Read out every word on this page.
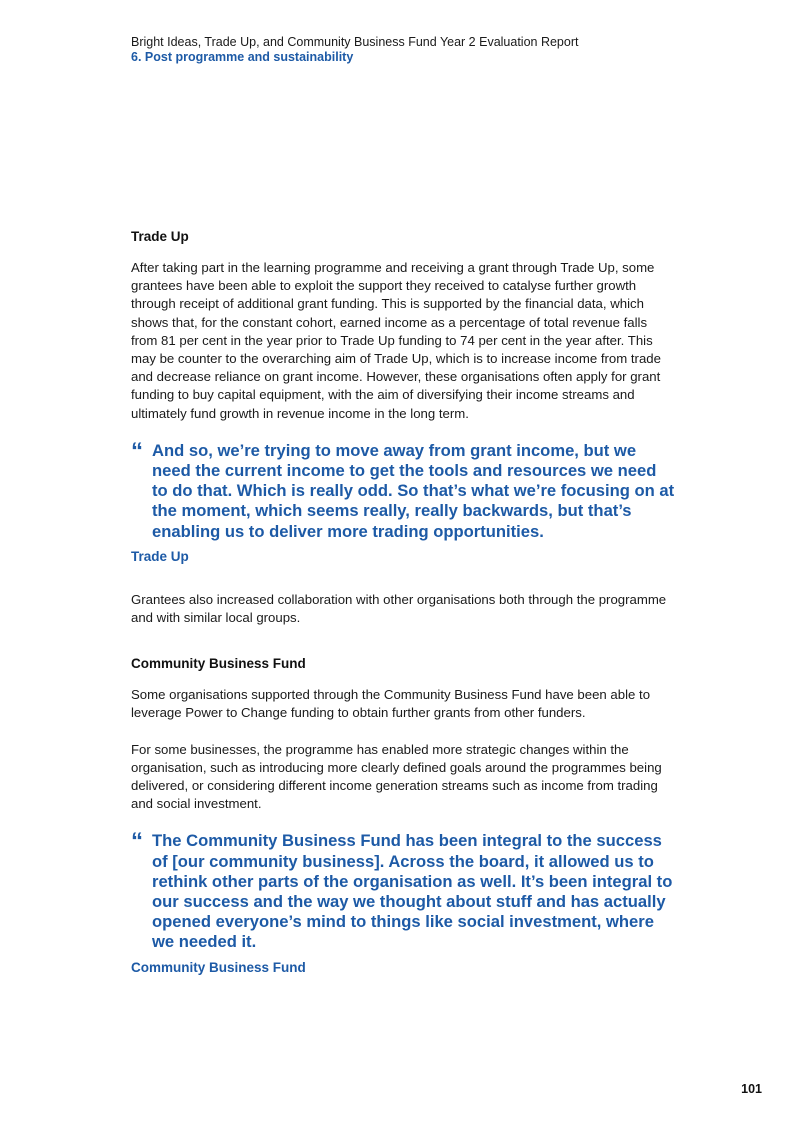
Bright Ideas, Trade Up, and Community Business Fund Year 2 Evaluation Report
6. Post programme and sustainability
Trade Up

After taking part in the learning programme and receiving a grant through Trade Up, some grantees have been able to exploit the support they received to catalyse further growth through receipt of additional grant funding. This is supported by the financial data, which shows that, for the constant cohort, earned income as a percentage of total revenue falls from 81 per cent in the year prior to Trade Up funding to 74 per cent in the year after. This may be counter to the overarching aim of Trade Up, which is to increase income from trade and decrease reliance on grant income. However, these organisations often apply for grant funding to buy capital equipment, with the aim of diversifying their income streams and ultimately fund growth in revenue income in the long term.

“ And so, we’re trying to move away from grant income, but we need the current income to get the tools and resources we need to do that. Which is really odd. So that’s what we’re focusing on at the moment, which seems really, really backwards, but that’s enabling us to deliver more trading opportunities.

Trade Up

Grantees also increased collaboration with other organisations both through the programme and with similar local groups.

Community Business Fund

Some organisations supported through the Community Business Fund have been able to leverage Power to Change funding to obtain further grants from other funders.

For some businesses, the programme has enabled more strategic changes within the organisation, such as introducing more clearly defined goals around the programmes being delivered, or considering different income generation streams such as income from trading and social investment.

“ The Community Business Fund has been integral to the success of [our community business]. Across the board, it allowed us to rethink other parts of the organisation as well. It’s been integral to our success and the way we thought about stuff and has actually opened everyone’s mind to things like social investment, where we needed it.

Community Business Fund
101
